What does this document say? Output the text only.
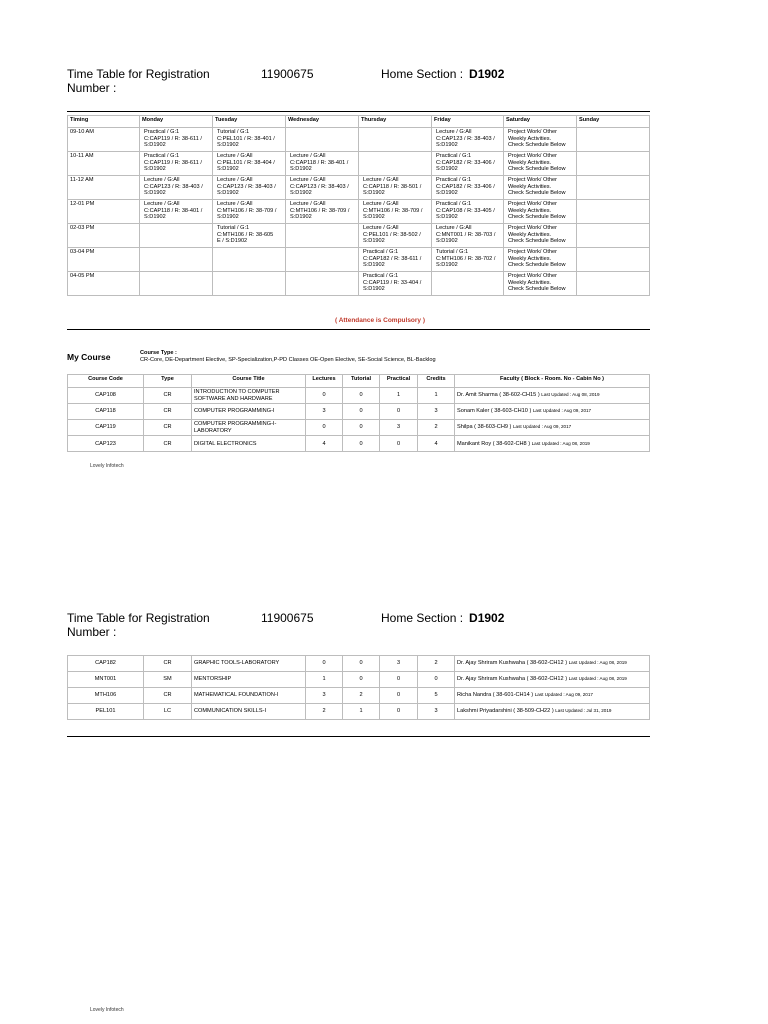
Time Table for Registration Number :
11900675	Home Section : D1902
Timing	Monday	Tuesday	Wednesday	Thursday	Friday	Saturday	Sunday
09-10 AM	Practical / G:1
C:CAP119 / R: 38-611 /
S:D1902	Tutorial / G:1
C:PEL101 / R: 38-401 /
S:D1902			Lecture / G:All
C:CAP123 / R: 38-403 /
S:D1902	Project Work/ Other
Weekly Activities.
Check Schedule Below	
10-11 AM	Practical / G:1
C:CAP119 / R: 38-611 /
S:D1902	Lecture / G:All
C:PEL101 / R: 38-404 /
S:D1902	Lecture / G:All
C:CAP118 / R: 38-401 /
S:D1902		Practical / G:1
C:CAP182 / R: 33-406 /
S:D1902	Project Work/ Other
Weekly Activities.
Check Schedule Below	
11-12 AM	Lecture / G:All
C:CAP123 / R: 38-403 /
S:D1902	Lecture / G:All
C:CAP123 / R: 38-403 /
S:D1902	Lecture / G:All
C:CAP123 / R: 38-403 /
S:D1902	Lecture / G:All
C:CAP118 / R: 38-501 /
S:D1902	Practical / G:1
C:CAP182 / R: 33-406 /
S:D1902	Project Work/ Other
Weekly Activities.
Check Schedule Below	
12-01 PM	Lecture / G:All
C:CAP118 / R: 38-401 /
S:D1902	Lecture / G:All
C:MTH106 / R: 38-709 /
S:D1902	Lecture / G:All
C:MTH106 / R: 38-709 /
S:D1902	Lecture / G:All
C:MTH106 / R: 38-709 /
S:D1902	Practical / G:1
C:CAP108 / R: 33-405 /
S:D1902	Project Work/ Other
Weekly Activities.
Check Schedule Below	
02-03 PM		Tutorial / G:1
C:MTH106 / R: 38-605
E / S:D1902		Lecture / G:All
C:PEL101 / R: 38-502 /
S:D1902	Lecture / G:All
C:MNT001 / R: 38-703 /
S:D1902	Project Work/ Other
Weekly Activities.
Check Schedule Below	
03-04 PM				Practical / G:1
C:CAP182 / R: 38-611 /
S:D1902	Tutorial / G:1
C:MTH106 / R: 38-702 /
S:D1902	Project Work/ Other
Weekly Activities.
Check Schedule Below	
04-05 PM				Practical / G:1
C:CAP119 / R: 33-404 /
S:D1902		Project Work/ Other
Weekly Activities.
Check Schedule Below	
( Attendance is Compulsory )
My Course	Course Type :
CR-Core, DE-Department Elective, SP-Specialization,P-PD Classes OE-Open Elective, SE-Social Science, BL-Backlog
Course Code	Type	Course Title	Lectures	Tutorial	Practical	Credits	Faculty ( Block - Room. No - Cabin No )
CAP108	CR	INTRODUCTION TO COMPUTER SOFTWARE AND HARDWARE	0	0	1	1	Dr. Amit Sharma ( 38-602-CH15 ) Last Updated : Aug 08, 2019
CAP118	CR	COMPUTER PROGRAMMING-I	3	0	0	3	Sonam Kaler ( 38-603-CH10 ) Last Updated : Aug 09, 2017
CAP119	CR	COMPUTER PROGRAMMING-I-LABORATORY	0	0	3	2	Shilpa ( 38-603-CH9 ) Last Updated : Aug 09, 2017
CAP123	CR	DIGITAL ELECTRONICS	4	0	0	4	Manikant Roy ( 38-602-CH8 ) Last Updated : Aug 08, 2019
Lovely Infotech
Time Table for Registration Number :
11900675	Home Section : D1902
CAP182	CR	GRAPHIC TOOLS-LABORATORY	0	0	3	2	Dr. Ajay Shriram Kushwaha ( 38-602-CH12 ) Last Updated : Aug 08, 2019
MNT001	SM	MENTORSHIP	1	0	0	0	Dr. Ajay Shriram Kushwaha ( 38-602-CH12 ) Last Updated : Aug 08, 2019
MTH106	CR	MATHEMATICAL FOUNDATION-I	3	2	0	5	Richa Nandra ( 38-601-CH14 ) Last Updated : Aug 09, 2017
PEL101	LC	COMMUNICATION SKILLS-I	2	1	0	3	Lakshmi Priyadarshini ( 38-509-CH22 ) Last Updated : Jul 31, 2019
Lovely Infotech
